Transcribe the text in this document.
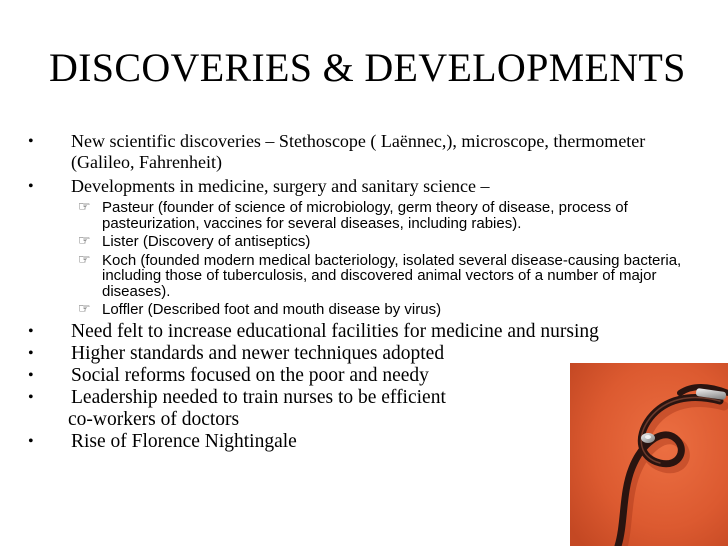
DISCOVERIES & DEVELOPMENTS
•	New scientific discoveries – Stethoscope ( Laënnec,), microscope, thermometer (Galileo, Fahrenheit)
•	Developments in medicine, surgery and sanitary science –
☞ Pasteur (founder of science of microbiology, germ theory of disease, process of pasteurization, vaccines for several diseases, including rabies).
☞ Lister (Discovery of antiseptics)
☞ Koch (founded modern medical bacteriology, isolated several disease-causing bacteria, including those of tuberculosis, and discovered animal vectors of a number of major diseases).
☞ Loffler (Described foot and mouth disease by virus)
•	Need felt to increase educational facilities for medicine and nursing
•	Higher standards and newer techniques adopted
•	Social reforms focused on the poor and needy
•	Leadership needed to train nurses to be efficient
co-workers of doctors
•	Rise of Florence Nightingale
